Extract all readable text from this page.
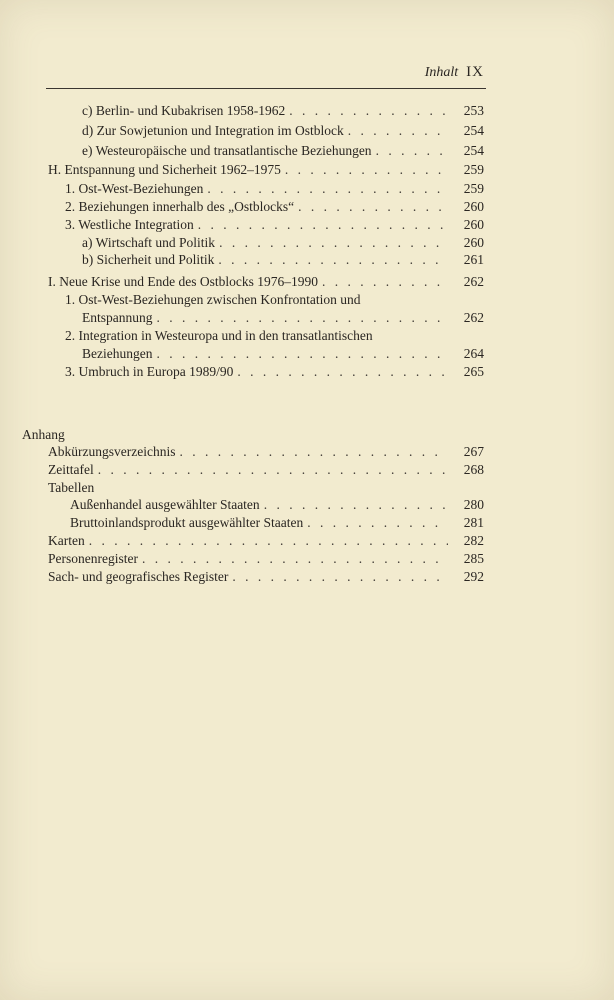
Inhalt IX
c) Berlin- und Kubakrisen 1958-1962 . . .	253
d) Zur Sowjetunion und Integration im Ostblock . . .	254
e) Westeuropäische und transatlantische Beziehungen . . .	254
H. Entspannung und Sicherheit 1962–1975 . . .	259
1. Ost-West-Beziehungen . . .	259
2. Beziehungen innerhalb des „Ostblocks“ . . .	260
3. Westliche Integration . . .	260
a) Wirtschaft und Politik . . .	260
b) Sicherheit und Politik . . .	261
I. Neue Krise und Ende des Ostblocks 1976–1990 . . .	262
1. Ost-West-Beziehungen zwischen Konfrontation und
Entspannung . . .	262
2. Integration in Westeuropa und in den transatlantischen
Beziehungen . . .	264
3. Umbruch in Europa 1989/90 . . .	265
Anhang
Abkürzungsverzeichnis . . .	267
Zeittafel . . .	268
Tabellen
Außenhandel ausgewählter Staaten . . .	280
Bruttoinlandsprodukt ausgewählter Staaten . . .	281
Karten . . .	282
Personenregister . . .	285
Sach- und geografisches Register . . .	292
